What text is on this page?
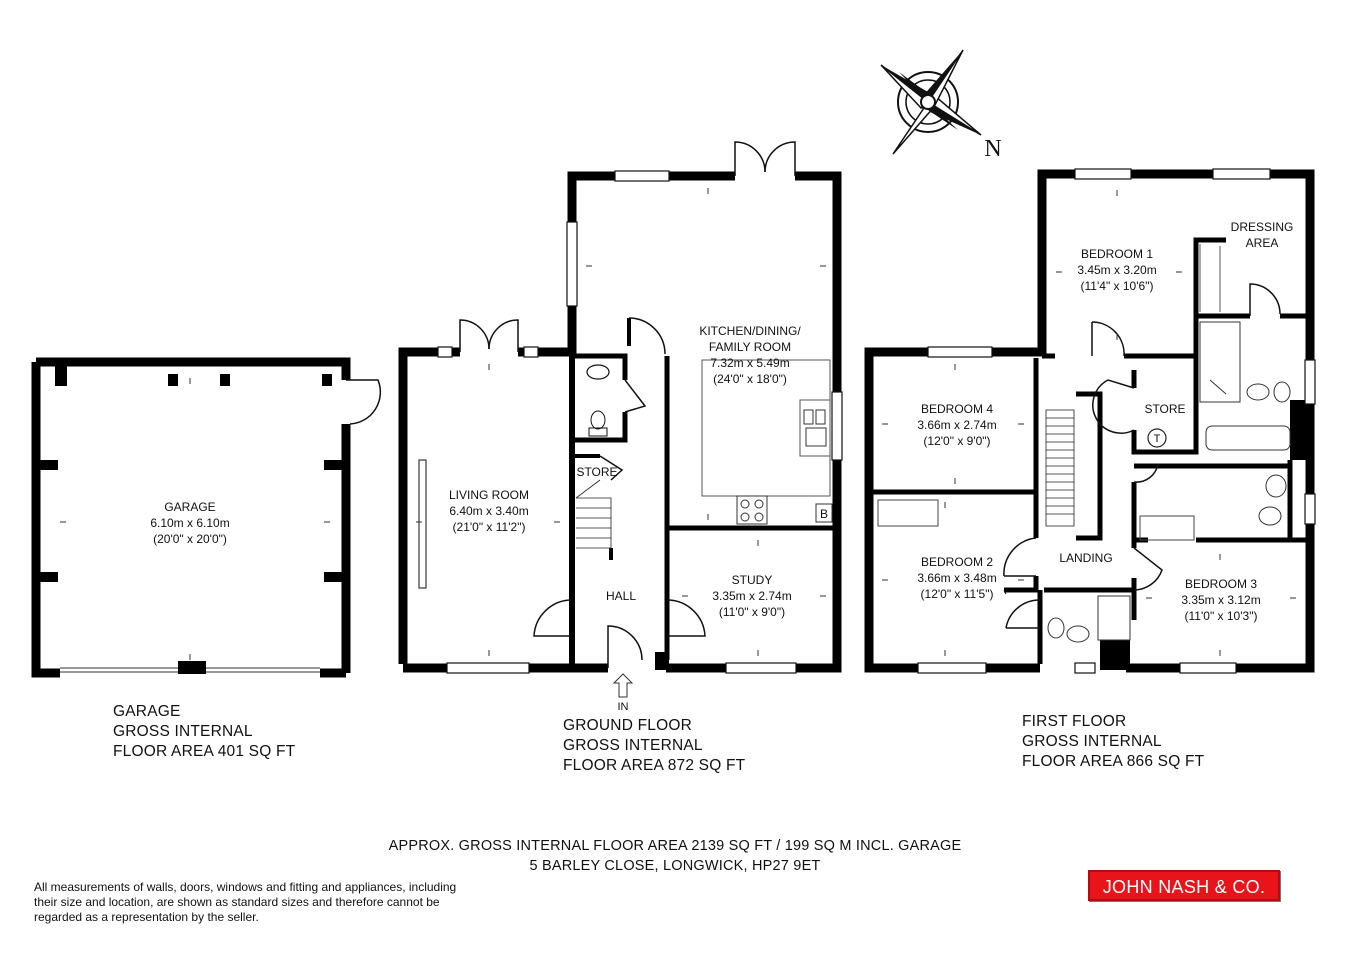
N
GARAGE
6.10m x 6.10m
(20'0" x 20'0")
B
IN
LIVING ROOM
6.40m x 3.40m
(21'0" x 11'2")
KITCHEN/DINING/
FAMILY ROOM
7.32m x 5.49m
(24'0" x 18'0")
STUDY
3.35m x 2.74m
(11'0" x 9'0")
STORE
HALL
T
BEDROOM 1
3.45m x 3.20m
(11'4" x 10'6")
DRESSING
AREA
BEDROOM 4
3.66m x 2.74m
(12'0" x 9'0")
STORE
BEDROOM 2
3.66m x 3.48m
(12'0" x 11'5")
LANDING
BEDROOM 3
3.35m x 3.12m
(11'0" x 10'3")
GARAGE
GROSS INTERNAL
FLOOR AREA 401 SQ FT
GROUND FLOOR
GROSS INTERNAL
FLOOR AREA 872 SQ FT
FIRST FLOOR
GROSS INTERNAL
FLOOR AREA 866 SQ FT
APPROX. GROSS INTERNAL FLOOR AREA 2139 SQ FT / 199 SQ M INCL. GARAGE
5 BARLEY CLOSE, LONGWICK, HP27 9ET
All measurements of walls, doors, windows and fitting and appliances, including their size and location, are shown as standard sizes and therefore cannot be regarded as a representation by the seller.
JOHN NASH & CO.
